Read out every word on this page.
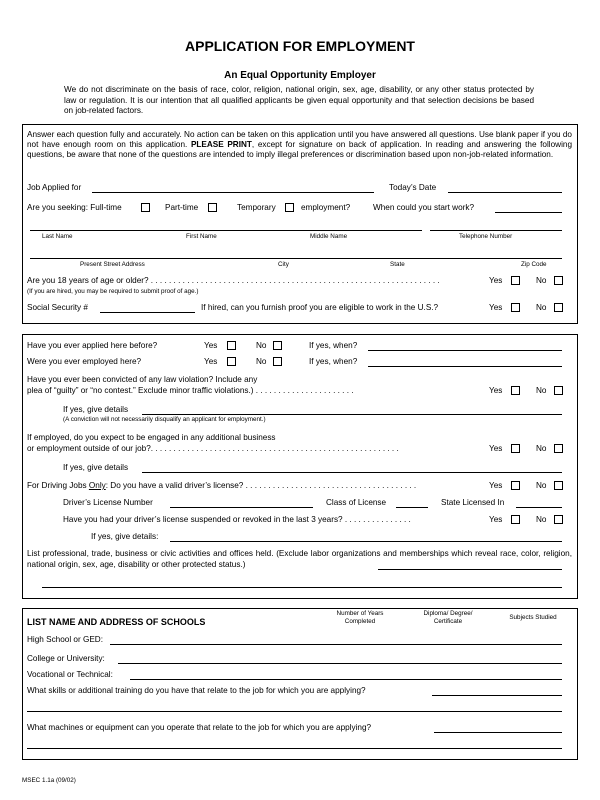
APPLICATION FOR EMPLOYMENT
An Equal Opportunity Employer
We do not discriminate on the basis of race, color, religion, national origin, sex, age, disability, or any other status protected by law or regulation. It is our intention that all qualified applicants be given equal opportunity and that selection decisions be based on job-related factors.
Answer each question fully and accurately. No action can be taken on this application until you have answered all questions. Use blank paper if you do not have enough room on this application. PLEASE PRINT, except for signature on back of application. In reading and answering the following questions, be aware that none of the questions are intended to imply illegal preferences or discrimination based upon non-job-related information.
Job Applied for	Today’s Date
Are you seeking: Full-time	Part-time	Temporary	employment?	When could you start work?
Last Name	First Name	Middle Name	Telephone Number
Present Street Address	City	State	Zip Code
Are you 18 years of age or older? . . . . . . . . . . . . . . . . . . . . . . . . . . . . . . . . . . . . . . . . . . . . . . . . . . . . . . . . . . . . . . . .	Yes	No
(If you are hired, you may be required to submit proof of age.)
Social Security #	If hired, can you furnish proof you are eligible to work in the U.S.?	Yes	No
Have you ever applied here before?	Yes	No	If yes, when?
Were you ever employed here?	Yes	No	If yes, when?
Have you ever been convicted of any law violation? Include any
plea of “guilty” or “no contest.” Exclude minor traffic violations.) . . . . . . . . . . . . . . . . . . . . . .	Yes	No
If yes, give details
(A conviction will not necessarily disqualify an applicant for employment.)
If employed, do you expect to be engaged in any additional business
or employment outside of our job?. . . . . . . . . . . . . . . . . . . . . . . . . . . . . . . . . . . . . . . . . . . . . . . . . . . . . . .	Yes	No
If yes, give details
For Driving Jobs Only: Do you have a valid driver’s license? . . . . . . . . . . . . . . . . . . . . . . . . . . . . . . . . . . . . . .	Yes	No
Driver’s License Number	Class of License	State Licensed In
Have you had your driver’s license suspended or revoked in the last 3 years? . . . . . . . . . . . . . . .	Yes	No
If yes, give details:
List professional, trade, business or civic activities and offices held. (Exclude labor organizations and memberships which reveal race, color, religion, national origin, sex, age, disability or other protected status.)
LIST NAME AND ADDRESS OF SCHOOLS
Number of Years Completed
Diploma/ Degree/ Certificate
Subjects Studied
High School or GED:
College or University:
Vocational or Technical:
What skills or additional training do you have that relate to the job for which you are applying?
What machines or equipment can you operate that relate to the job for which you are applying?
MSEC 1.1a (09/02)
